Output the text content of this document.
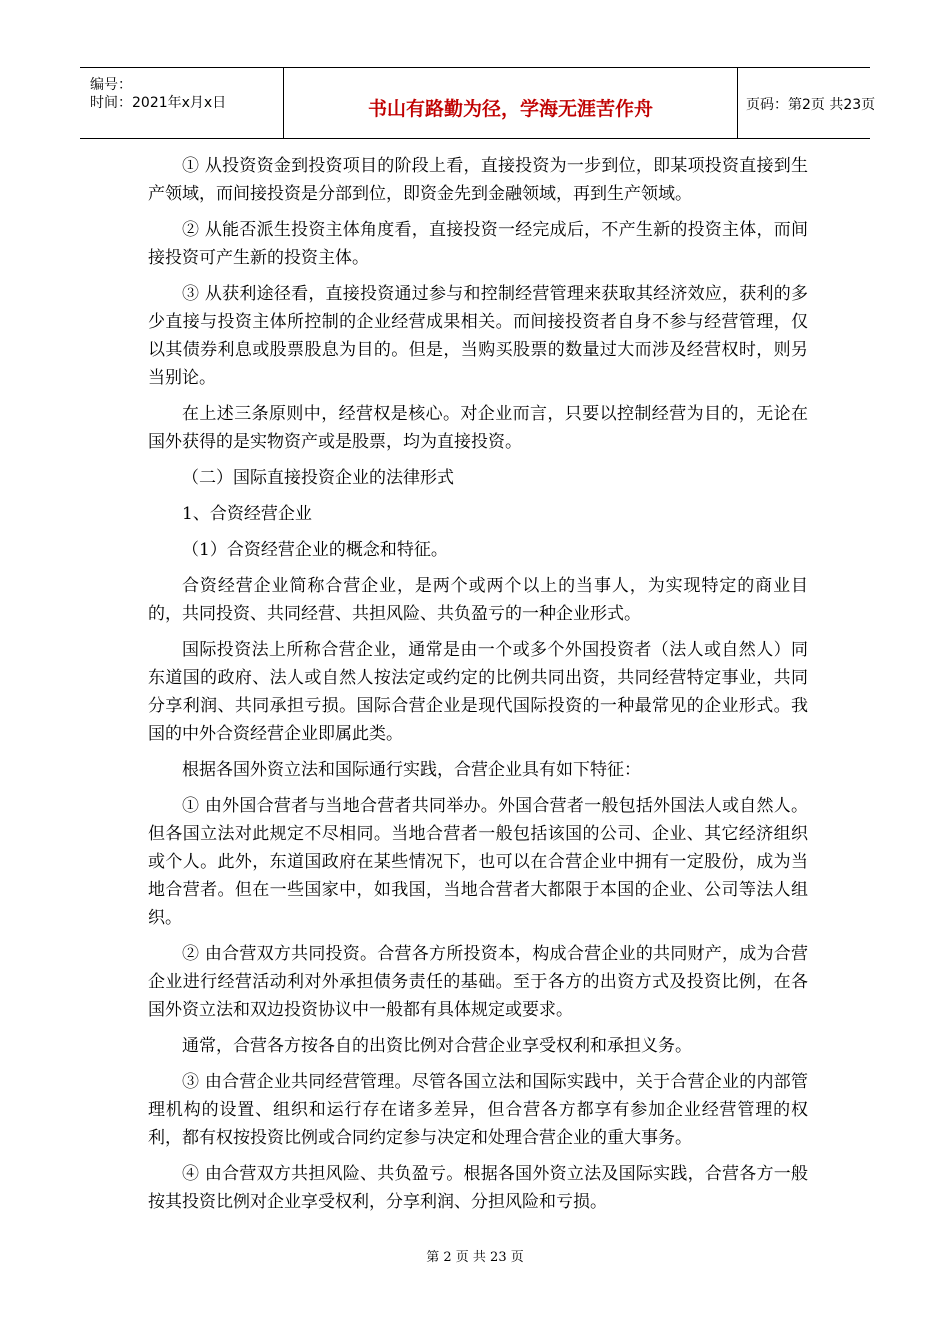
编号：
时间：2021年x月x日	书山有路勤为径，学海无涯苦作舟	页码：第2页 共23页

① 从投资资金到投资项目的阶段上看，直接投资为一步到位，即某项投资直接到生产领域，而间接投资是分部到位，即资金先到金融领域，再到生产领域。

② 从能否派生投资主体角度看，直接投资一经完成后，不产生新的投资主体，而间接投资可产生新的投资主体。

③ 从获利途径看，直接投资通过参与和控制经营管理来获取其经济效应，获利的多少直接与投资主体所控制的企业经营成果相关。而间接投资者自身不参与经营管理，仅以其债券利息或股票股息为目的。但是，当购买股票的数量过大而涉及经营权时，则另当别论。

在上述三条原则中，经营权是核心。对企业而言，只要以控制经营为目的，无论在国外获得的是实物资产或是股票，均为直接投资。

（二）国际直接投资企业的法律形式

1、合资经营企业

（1）合资经营企业的概念和特征。

合资经营企业简称合营企业，是两个或两个以上的当事人，为实现特定的商业目的，共同投资、共同经营、共担风险、共负盈亏的一种企业形式。

国际投资法上所称合营企业，通常是由一个或多个外国投资者（法人或自然人）同东道国的政府、法人或自然人按法定或约定的比例共同出资，共同经营特定事业，共同分享利润、共同承担亏损。国际合营企业是现代国际投资的一种最常见的企业形式。我国的中外合资经营企业即属此类。

根据各国外资立法和国际通行实践，合营企业具有如下特征：

① 由外国合营者与当地合营者共同举办。外国合营者一般包括外国法人或自然人。但各国立法对此规定不尽相同。当地合营者一般包括该国的公司、企业、其它经济组织或个人。此外，东道国政府在某些情况下，也可以在合营企业中拥有一定股份，成为当地合营者。但在一些国家中，如我国，当地合营者大都限于本国的企业、公司等法人组织。

② 由合营双方共同投资。合营各方所投资本，构成合营企业的共同财产，成为合营企业进行经营活动利对外承担债务责任的基础。至于各方的出资方式及投资比例，在各国外资立法和双边投资协议中一般都有具体规定或要求。

通常，合营各方按各自的出资比例对合营企业享受权利和承担义务。

③ 由合营企业共同经营管理。尽管各国立法和国际实践中，关于合营企业的内部管理机构的设置、组织和运行存在诸多差异，但合营各方都享有参加企业经营管理的权利，都有权按投资比例或合同约定参与决定和处理合营企业的重大事务。

④ 由合营双方共担风险、共负盈亏。根据各国外资立法及国际实践，合营各方一般按其投资比例对企业享受权利，分享利润、分担风险和亏损。

第 2 页 共 23 页
